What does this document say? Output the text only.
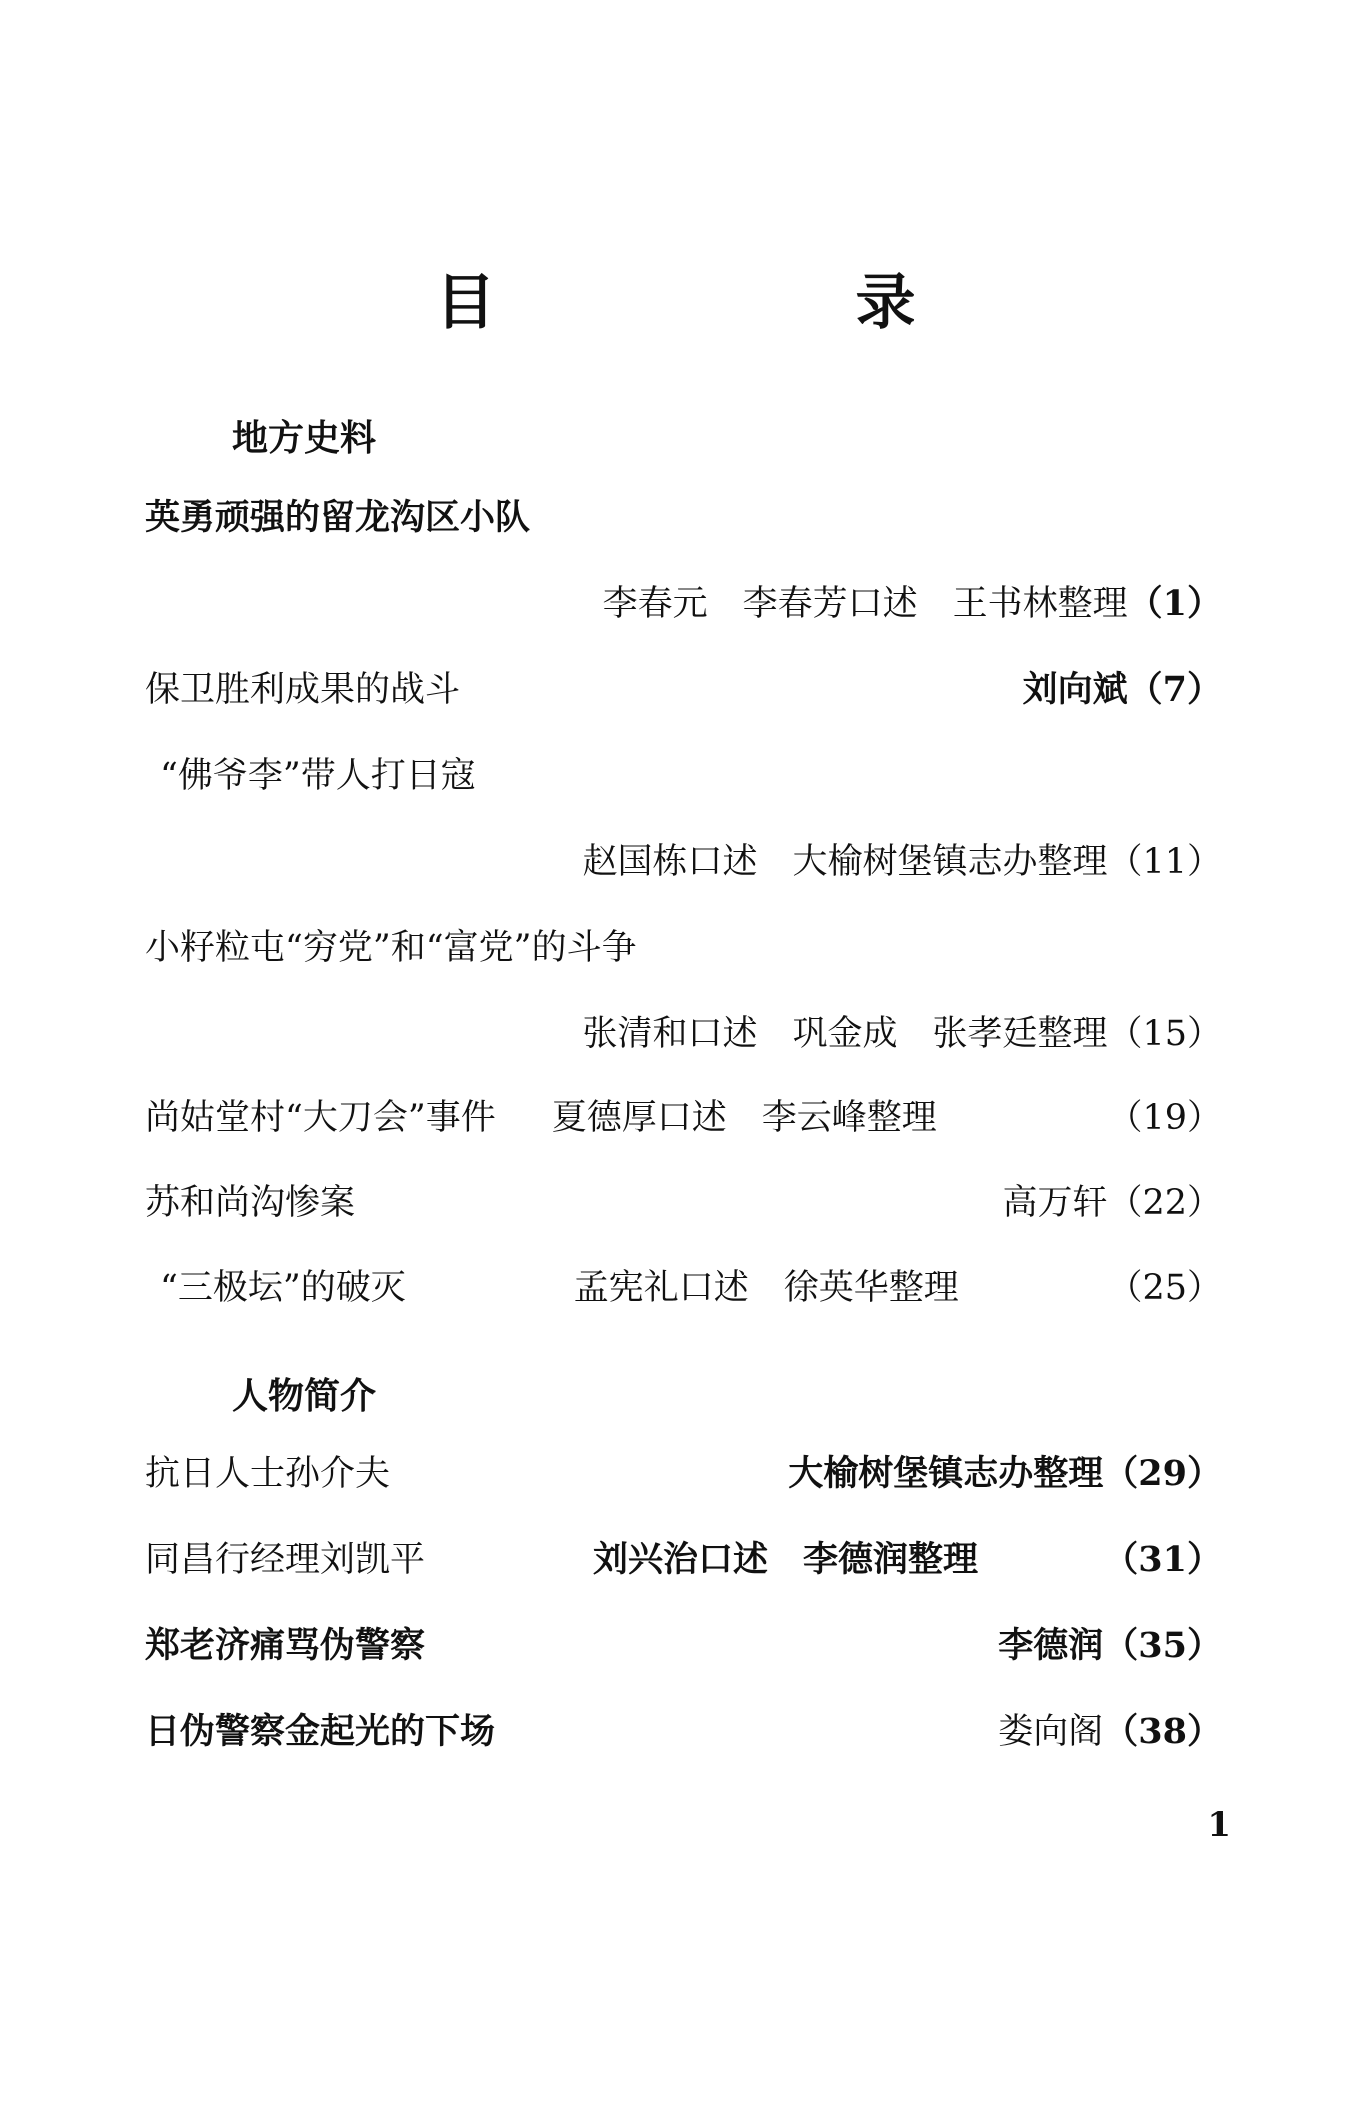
目　录
地方史料
英勇顽强的留龙沟区小队
李春元　李春芳口述　王书林整理 （1）
保卫胜利成果的战斗	刘向斌 （7）
“佛爷李”带人打日寇
赵国栋口述　大榆树堡镇志办整理 （11）
小籽粒屯“穷党”和“富党”的斗争
张清和口述　巩金成　张孝廷整理 （15）
尚姑堂村“大刀会”事件 夏德厚口述　李云峰整理	（19）
苏和尚沟惨案	高万轩 （22）
“三极坛”的破灭	孟宪礼口述　徐英华整理	（25）
人物简介
抗日人士孙介夫	大榆树堡镇志办整理 （29）
同昌行经理刘凯平	刘兴治口述　李德润整理	（31）
郑老济痛骂伪警察	李德润 （35）
日伪警察金起光的下场	娄向阁 （38）
1
